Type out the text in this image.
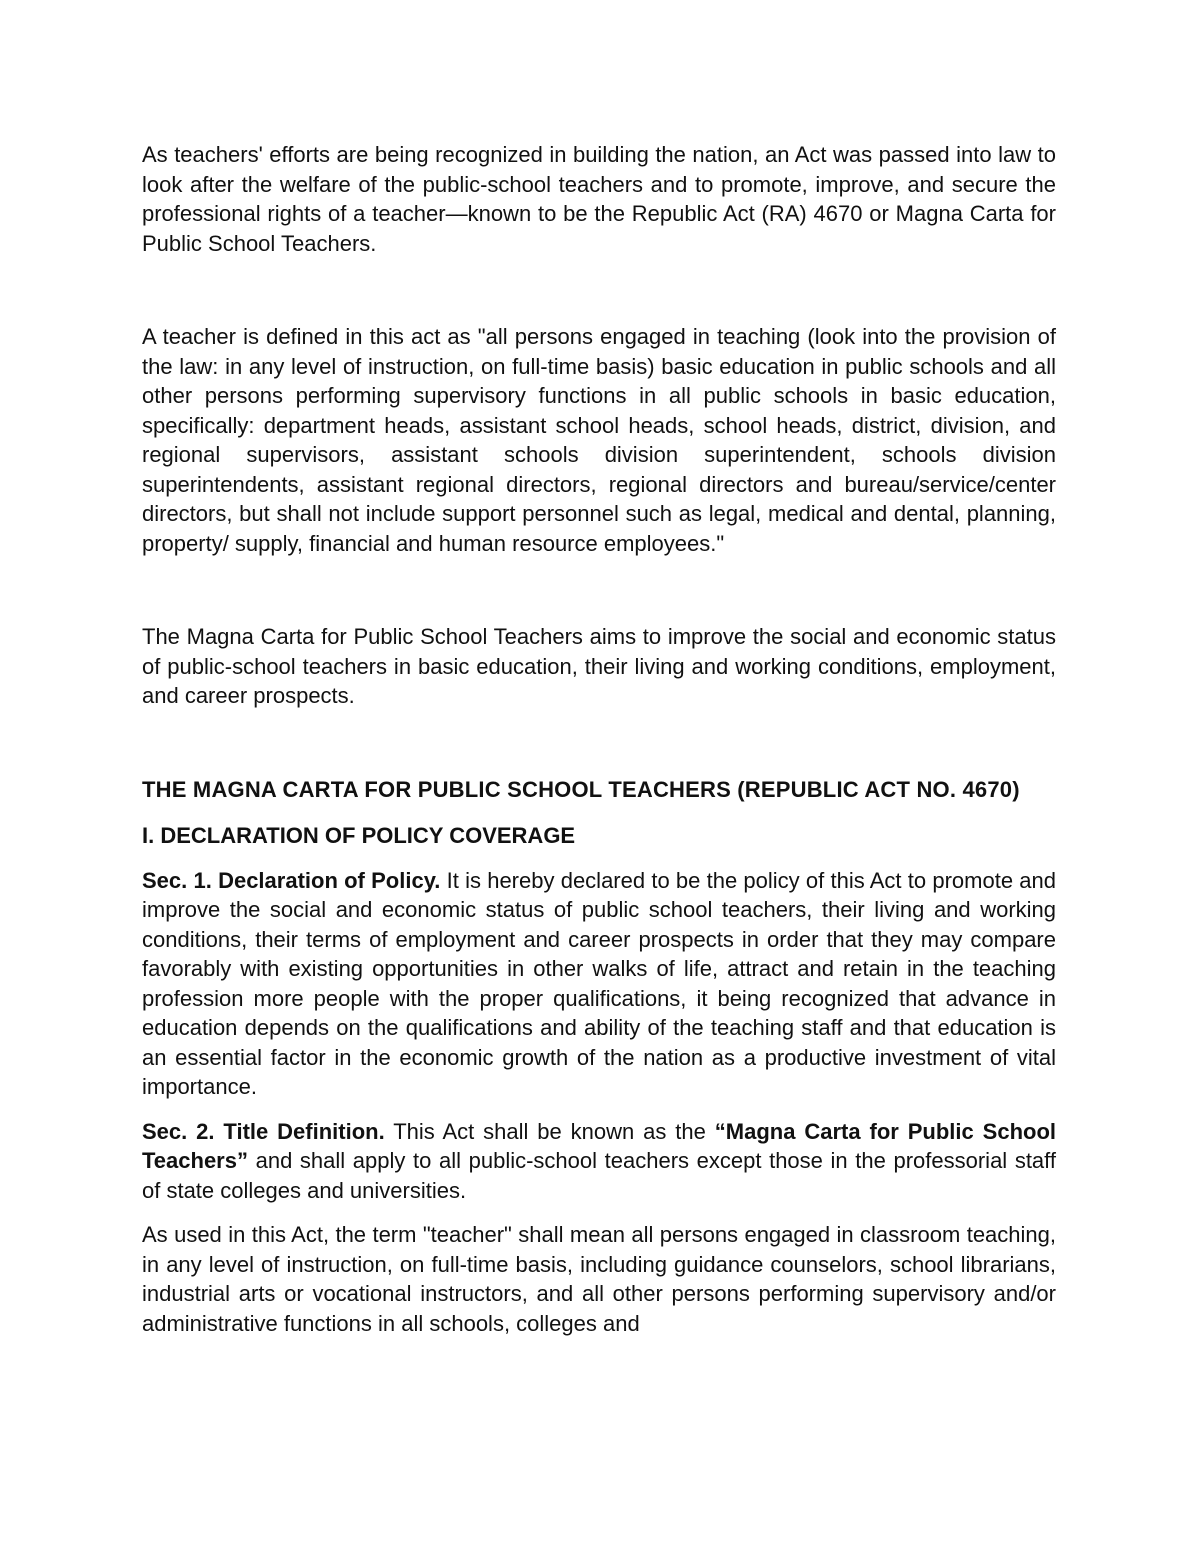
As teachers' efforts are being recognized in building the nation, an Act was passed into law to look after the welfare of the public-school teachers and to promote, improve, and secure the professional rights of a teacher—known to be the Republic Act (RA) 4670 or Magna Carta for Public School Teachers.

A teacher is defined in this act as "all persons engaged in teaching (look into the provision of the law: in any level of instruction, on full-time basis) basic education in public schools and all other persons performing supervisory functions in all public schools in basic education, specifically: department heads, assistant school heads, school heads, district, division, and regional supervisors, assistant schools division superintendent, schools division superintendents, assistant regional directors, regional directors and bureau/service/center directors, but shall not include support personnel such as legal, medical and dental, planning, property/ supply, financial and human resource employees."

The Magna Carta for Public School Teachers aims to improve the social and economic status of public-school teachers in basic education, their living and working conditions, employment, and career prospects.

THE MAGNA CARTA FOR PUBLIC SCHOOL TEACHERS (REPUBLIC ACT NO. 4670)

I. DECLARATION OF POLICY COVERAGE

Sec. 1. Declaration of Policy. It is hereby declared to be the policy of this Act to promote and improve the social and economic status of public school teachers, their living and working conditions, their terms of employment and career prospects in order that they may compare favorably with existing opportunities in other walks of life, attract and retain in the teaching profession more people with the proper qualifications, it being recognized that advance in education depends on the qualifications and ability of the teaching staff and that education is an essential factor in the economic growth of the nation as a productive investment of vital importance.

Sec. 2. Title Definition. This Act shall be known as the “Magna Carta for Public School Teachers” and shall apply to all public-school teachers except those in the professorial staff of state colleges and universities.

As used in this Act, the term "teacher" shall mean all persons engaged in classroom teaching, in any level of instruction, on full-time basis, including guidance counselors, school librarians, industrial arts or vocational instructors, and all other persons performing supervisory and/or administrative functions in all schools, colleges and
